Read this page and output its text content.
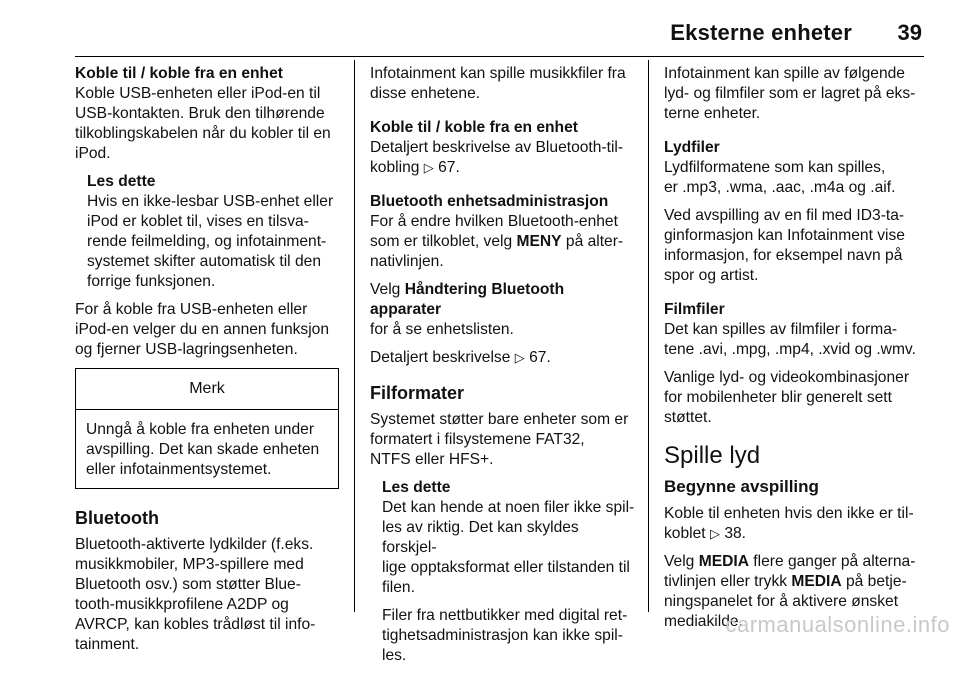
Eksterne enheter 39

Koble til / koble fra en enhet

Koble USB-enheten eller iPod-en til
USB-kontakten. Bruk den tilhørende
tilkoblingskabelen når du kobler til en
iPod.

Les dette

Hvis en ikke-lesbar USB-enhet eller
iPod er koblet til, vises en tilsva-
rende feilmelding, og infotainment-
systemet skifter automatisk til den
forrige funksjonen.

For å koble fra USB-enheten eller
iPod-en velger du en annen funksjon
og fjerner USB-lagringsenheten.

Merk
Unngå å koble fra enheten under
avspilling. Det kan skade enheten
eller infotainmentsystemet.
Bluetooth

Bluetooth-aktiverte lydkilder (f.eks.
musikkmobiler, MP3-spillere med
Bluetooth osv.) som støtter Blue-
tooth-musikkprofilene A2DP og
AVRCP, kan kobles trådløst til info-
tainment.

Infotainment kan spille musikkfiler fra
disse enhetene.

Koble til / koble fra en enhet

Detaljert beskrivelse av Bluetooth-til-
kobling ▷ 67.

Bluetooth enhetsadministrasjon

For å endre hvilken Bluetooth-enhet
som er tilkoblet, velg MENY på alter-
nativlinjen.

Velg Håndtering Bluetooth apparater
for å se enhetslisten.

Detaljert beskrivelse ▷ 67.

Filformater

Systemet støtter bare enheter som er
formatert i filsystemene FAT32,
NTFS eller HFS+.

Les dette

Det kan hende at noen filer ikke spil-
les av riktig. Det kan skyldes forskjel-
lige opptaksformat eller tilstanden til
filen.

Filer fra nettbutikker med digital ret-
tighetsadministrasjon kan ikke spil-
les.

Infotainment kan spille av følgende
lyd- og filmfiler som er lagret på eks-
terne enheter.

Lydfiler

Lydfilformatene som kan spilles,
er .mp3, .wma, .aac, .m4a og .aif.

Ved avspilling av en fil med ID3-ta-
ginformasjon kan Infotainment vise
informasjon, for eksempel navn på
spor og artist.

Filmfiler

Det kan spilles av filmfiler i forma-
tene .avi, .mpg, .mp4, .xvid og .wmv.

Vanlige lyd- og videokombinasjoner
for mobilenheter blir generelt sett
støttet.

Spille lyd
Begynne avspilling

Koble til enheten hvis den ikke er til-
koblet ▷ 38.

Velg MEDIA flere ganger på alterna-
tivlinjen eller trykk MEDIA på betje-
ningspanelet for å aktivere ønsket
mediakilde.

carmanualsonline.info
